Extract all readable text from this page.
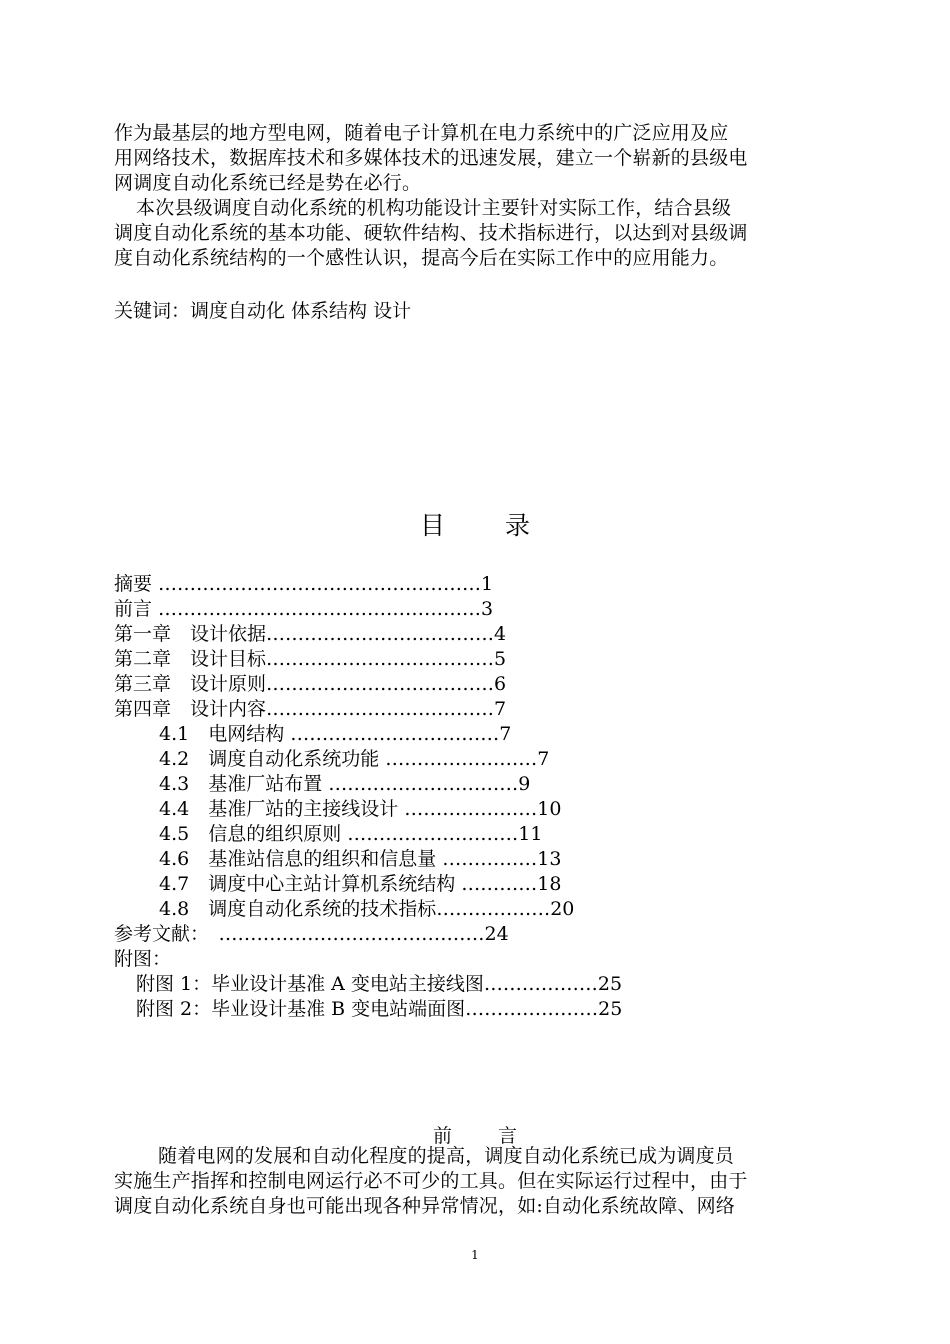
作为最基层的地方型电网，随着电子计算机在电力系统中的广泛应用及应
用网络技术，数据库技术和多媒体技术的迅速发展，建立一个崭新的县级电
网调度自动化系统已经是势在必行。
本次县级调度自动化系统的机构功能设计主要针对实际工作，结合县级
调度自动化系统的基本功能、硬软件结构、技术指标进行，以达到对县级调
度自动化系统结构的一个感性认识，提高今后在实际工作中的应用能力。
关键词：调度自动化 体系结构 设计
目录
摘要 ……………………………………………1
前言 ……………………………………………3
第一章　设计依据………………………………4
第二章　设计目标………………………………5
第三章　设计原则………………………………6
第四章　设计内容………………………………7
4.1　电网结构 ……………………………7
4.2　调度自动化系统功能 ……………………7
4.3　基准厂站布置 …………………………9
4.4　基准厂站的主接线设计 …………………10
4.5　信息的组织原则 ………………………11
4.6　基准站信息的组织和信息量 ……………13
4.7　调度中心主站计算机系统结构 …………18
4.8　调度自动化系统的技术指标………………20
参考文献：　……………………………………24
附图：
附图 1：毕业设计基准 A 变电站主接线图………………25
附图 2：毕业设计基准 B 变电站端面图…………………25
前言
随着电网的发展和自动化程度的提高，调度自动化系统已成为调度员
实施生产指挥和控制电网运行必不可少的工具。但在实际运行过程中，由于
调度自动化系统自身也可能出现各种异常情况，如:自动化系统故障、网络
1
